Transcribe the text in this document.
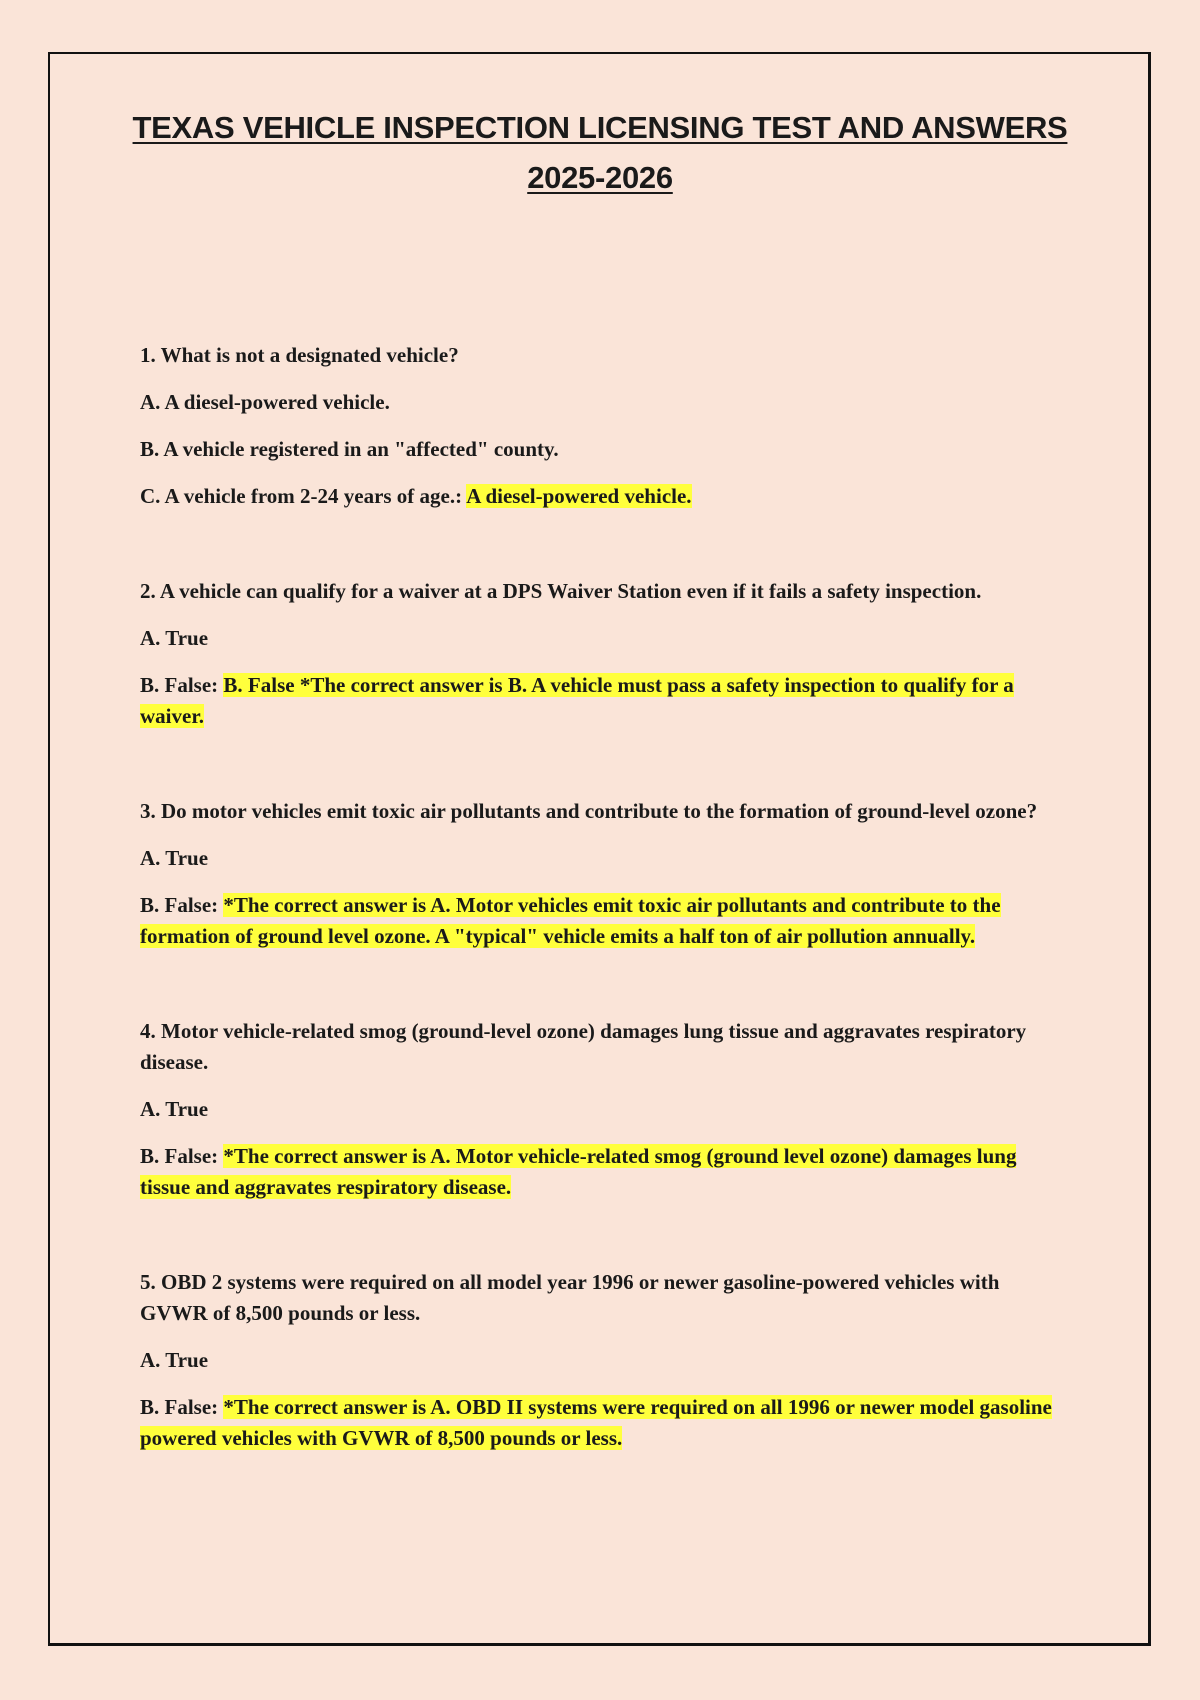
TEXAS VEHICLE INSPECTION LICENSING TEST AND ANSWERS
2025-2026

1. What is not a designated vehicle?

A. A diesel-powered vehicle.

B. A vehicle registered in an "affected" county.

C. A vehicle from 2-24 years of age.: A diesel-powered vehicle.

2. A vehicle can qualify for a waiver at a DPS Waiver Station even if it fails a safety inspection.

A. True

B. False: B. False *The correct answer is B. A vehicle must pass a safety inspection to qualify for a waiver.

3. Do motor vehicles emit toxic air pollutants and contribute to the formation of ground-level ozone?

A. True

B. False: *The correct answer is A. Motor vehicles emit toxic air pollutants and contribute to the formation of ground level ozone. A "typical" vehicle emits a half ton of air pollution annually.

4. Motor vehicle-related smog (ground-level ozone) damages lung tissue and aggravates respiratory disease.

A. True

B. False: *The correct answer is A. Motor vehicle-related smog (ground level ozone) damages lung tissue and aggravates respiratory disease.

5. OBD 2 systems were required on all model year 1996 or newer gasoline-powered vehicles with GVWR of 8,500 pounds or less.

A. True

B. False: *The correct answer is A. OBD II systems were required on all 1996 or newer model gasoline powered vehicles with GVWR of 8,500 pounds or less.
